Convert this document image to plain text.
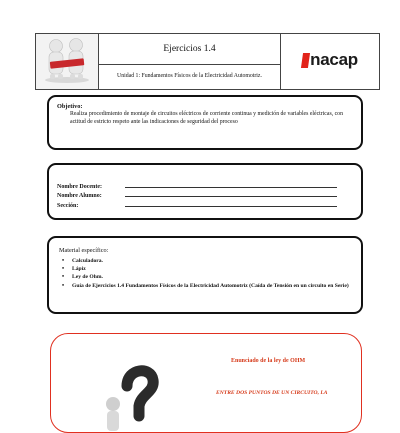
	Ejercicios 1.4	
nacap

Unidad 1: Fundamentos Físicos de la Electricidad Automotriz.
Objetivo:
Realiza procedimiento de montaje de circuitos eléctricos de corriente continua y medición de variables eléctricas, con actitud de estricto respeto ante las indicaciones de seguridad del proceso
Nombre Docente:
Nombre Alumno:
Sección:
Material específico:
• Calculadora.
• Lápiz
• Ley de Ohm.
• Guía de Ejercicios 1.4 Fundamentos Físicos de la Electricidad Automotriz (Caída de Tensión en un circuito en Serie)
Enunciado de la ley de OHM
ENTRE DOS PUNTOS DE UN CIRCUITO, LA
